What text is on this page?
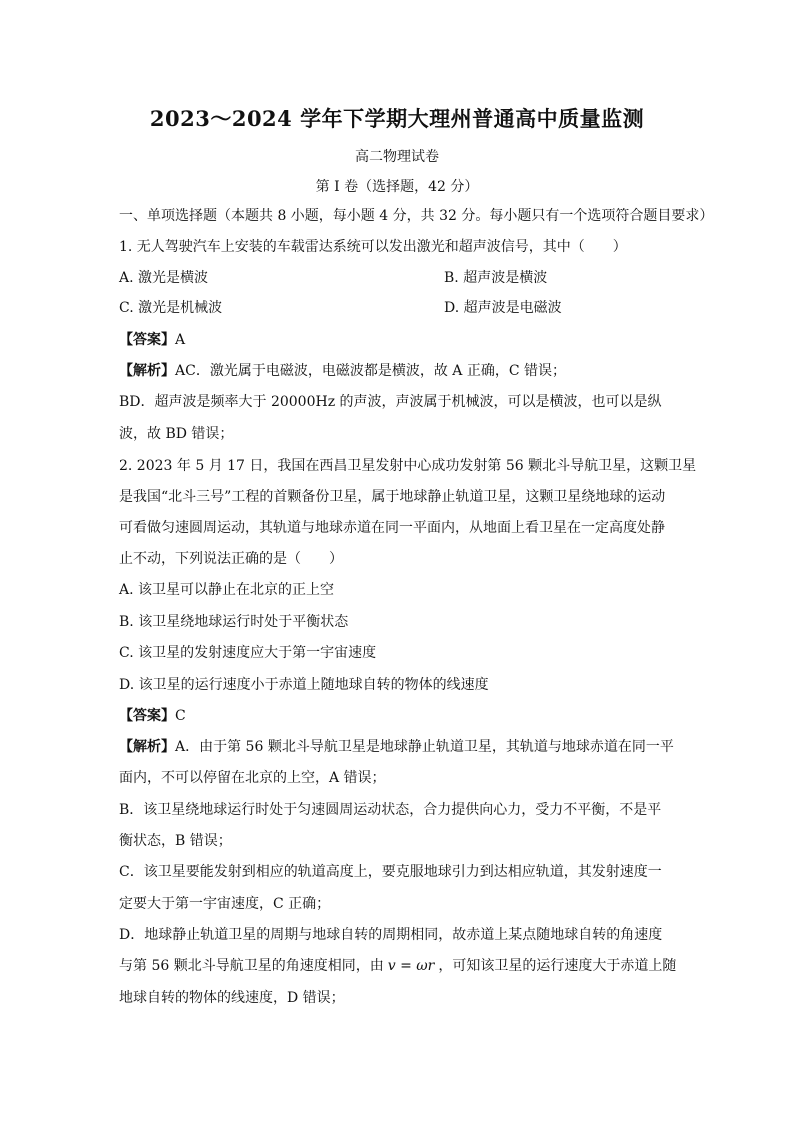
2023～2024 学年下学期大理州普通高中质量监测
高二物理试卷
第 I 卷（选择题，42 分）
一、单项选择题（本题共 8 小题，每小题 4 分，共 32 分。每小题只有一个选项符合题目要求）
1. 无人驾驶汽车上安装的车载雷达系统可以发出激光和超声波信号，其中（　　）
A. 激光是横波	B. 超声波是横波
C. 激光是机械波	D. 超声波是电磁波
【答案】A
【解析】AC．激光属于电磁波，电磁波都是横波，故 A 正确，C 错误；
BD．超声波是频率大于 20000Hz 的声波，声波属于机械波，可以是横波，也可以是纵
波，故 BD 错误；
2. 2023 年 5 月 17 日，我国在西昌卫星发射中心成功发射第 56 颗北斗导航卫星，这颗卫星
是我国“北斗三号”工程的首颗备份卫星，属于地球静止轨道卫星，这颗卫星绕地球的运动
可看做匀速圆周运动，其轨道与地球赤道在同一平面内，从地面上看卫星在一定高度处静
止不动，下列说法正确的是（　　）
A. 该卫星可以静止在北京的正上空
B. 该卫星绕地球运行时处于平衡状态
C. 该卫星的发射速度应大于第一宇宙速度
D. 该卫星的运行速度小于赤道上随地球自转的物体的线速度
【答案】C
【解析】A．由于第 56 颗北斗导航卫星是地球静止轨道卫星，其轨道与地球赤道在同一平
面内，不可以停留在北京的上空，A 错误；
B．该卫星绕地球运行时处于匀速圆周运动状态，合力提供向心力，受力不平衡，不是平
衡状态，B 错误；
C．该卫星要能发射到相应的轨道高度上，要克服地球引力到达相应轨道，其发射速度一
定要大于第一宇宙速度，C 正确；
D．地球静止轨道卫星的周期与地球自转的周期相同，故赤道上某点随地球自转的角速度
与第 56 颗北斗导航卫星的角速度相同，由 v = ωr ，可知该卫星的运行速度大于赤道上随
地球自转的物体的线速度，D 错误；
